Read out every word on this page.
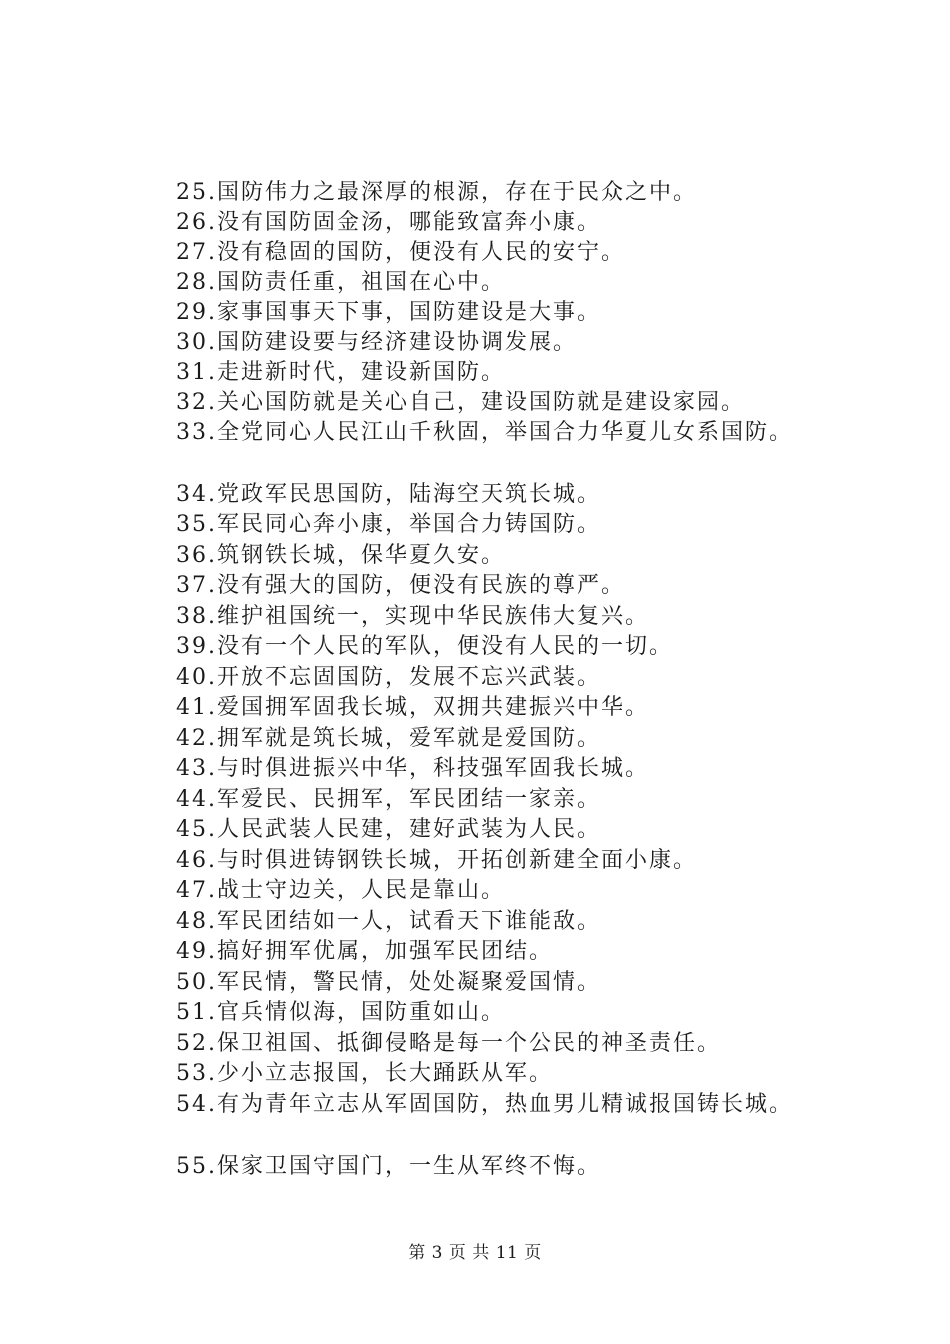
25.国防伟力之最深厚的根源，存在于民众之中。
26.没有国防固金汤，哪能致富奔小康。
27.没有稳固的国防，便没有人民的安宁。
28.国防责任重，祖国在心中。
29.家事国事天下事，国防建设是大事。
30.国防建设要与经济建设协调发展。
31.走进新时代，建设新国防。
32.关心国防就是关心自己，建设国防就是建设家园。
33.全党同心人民江山千秋固，举国合力华夏儿女系国防。
34.党政军民思国防，陆海空天筑长城。
35.军民同心奔小康，举国合力铸国防。
36.筑钢铁长城，保华夏久安。
37.没有强大的国防，便没有民族的尊严。
38.维护祖国统一，实现中华民族伟大复兴。
39.没有一个人民的军队，便没有人民的一切。
40.开放不忘固国防，发展不忘兴武装。
41.爱国拥军固我长城，双拥共建振兴中华。
42.拥军就是筑长城，爱军就是爱国防。
43.与时俱进振兴中华，科技强军固我长城。
44.军爱民、民拥军，军民团结一家亲。
45.人民武装人民建，建好武装为人民。
46.与时俱进铸钢铁长城，开拓创新建全面小康。
47.战士守边关，人民是靠山。
48.军民团结如一人，试看天下谁能敌。
49.搞好拥军优属，加强军民团结。
50.军民情，警民情，处处凝聚爱国情。
51.官兵情似海，国防重如山。
52.保卫祖国、抵御侵略是每一个公民的神圣责任。
53.少小立志报国，长大踊跃从军。
54.有为青年立志从军固国防，热血男儿精诚报国铸长城。
55.保家卫国守国门，一生从军终不悔。
第 3 页 共 11 页
